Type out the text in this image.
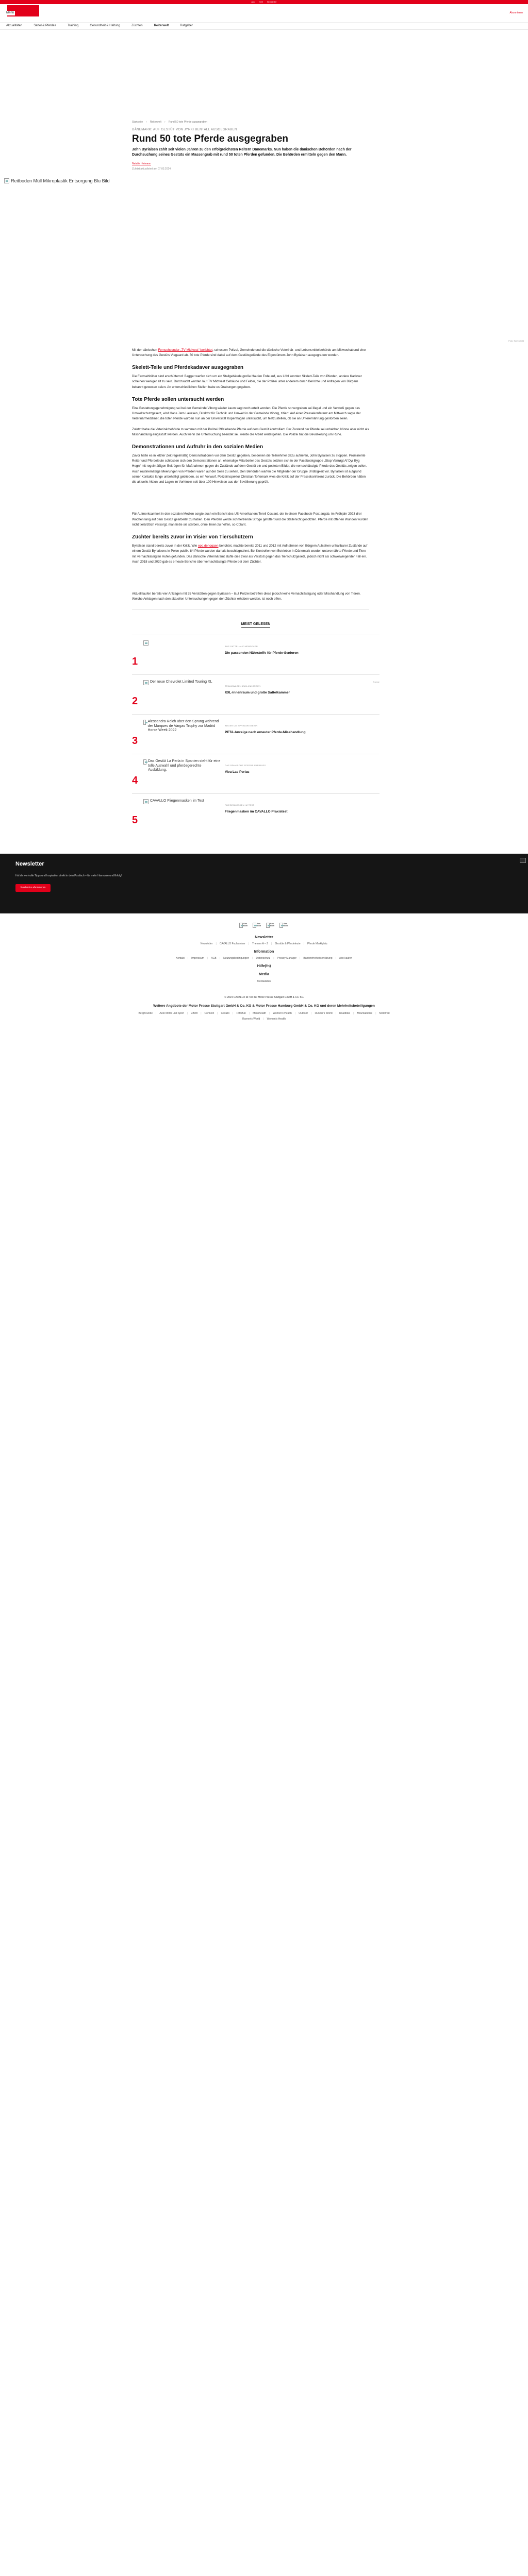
Abo Heft Newsletter
Menü	Abonnieren
Aktualitäten	Sattel & Pferdes	Training	Gesundheit & Haltung	Züchten	Reiterwelt	Ratgeber
Startseite › Reiterwelt › Rund 50 tote Pferde ausgegraben
DÄNEMARK: AUF GESTÜT VON JYRKI BENTALL AUSGEGRABEN
Rund 50 tote Pferde ausgegraben

John Byrialsen zählt seit vielen Jahren zu den erfolgreichsten Reitern Dänemarks. Nun haben die dänischen Behörden nach der Durchsuchung seines Gestüts ein Massengrab mit rund 50 toten Pferden gefunden. Die Behörden ermitteln gegen den Mann.

Natalie Heimann
Zuletzt aktualisiert am 07.03.2024
Reitboden Müll Mikroplastik Entsorgung Blu Bild
Foto: Symbolbild

Mit der dänischen Fernsehsender „TV Midtvest“ berichtet, schossen Polizei, Gemeinde und die dänische Veterinär- und Lebensmittelbehörde am Mittwochabend eine Untersuchung des Gestüts Viegaard ab. 50 tote Pferde sind dabei auf dem Gestütsgelände des Eigentümers John Byrialsen ausgegraben worden.

Skelett-Teile und Pferdekadaver ausgegraben

Die Fernsehbilder sind erschütternd: Bagger werfen sich um ein Stallgebäude große Haufen Erde auf, aus Löhl konnten Skelett-Teile von Pferden, andere Kadaver scheinen weniger alt zu sein. Durchsucht wurden laut TV Midtvest Gebäude und Felder, die der Polizei unter anderem durch Berichte und Anfragen von Bürgern bekannt gewesen seien. An unterschiedlichen Stellen habe es Grabungen gegeben.

Tote Pferde sollen untersucht werden

Eine Bestattungsgenehmigung sei bei der Gemeinde Viborg wieder kaum sagt noch erteilt worden. Die Pferde so vergraben sei illegal und ein Verstoß gegen das Umweltschutzgesetz, wird Hans Jørn Lauesen, Direktor für Technik und Umwelt in der Gemeinde Viborg, zitiert. Auf einer Pressekonferenz am Mittwoch sagte der Veterinärmediziner, die toten Pferde würden nun an der Universität Kopenhagen untersucht, um festzustellen, ob sie an Unterernährung gestorben seien.

Zuletzt habe die Veterinärbehörde zusammen mit der Polizei 390 lebende Pferde auf dem Gestüt kontrolliert. Der Zustand der Pferde sei unhaltbar, könne aber nicht als Misshandlung eingestuft werden. Auch wenn die Untersuchung beendet sei, werde die Arbeit weitergehen. Die Polizei hat die Bevölkerung um Ruhe.

Demonstrationen und Aufruhr in den sozialen Medien

Zuvor hatte es in letzter Zeit regelmäßig Demonstrationen vor dem Gestüt gegeben, bei denen die Teilnehmer dazu aufriefen, John Byrialsen zu stoppen. Prominente Reiter und Pferdeleute schlossen sich den Demonstrationen an, ehemalige Mitarbeiter des Gestüts setzten sich in der Facebookgruppe „Stop Vanrøgt Af Dyr Byg Hegn“ mit regelmäßigen Beiträgen für Maßnahmen gegen die Zustände auf dem Gestüt ein und posteten Bilder, die vernachlässigte Pferde des Gestüts zeigen sollen. Auch routinemäßige Meerungen von Pferden waren auf der Seite zu sehen. Den Behörden warfen die Mitglieder der Gruppe Untätigkeit vor. Byrialsen ist aufgrund seiner Kontakte lange unbehelligt geblieben, so ein Vorwurf. Polizeiinspektor Christian Toftemark wies die Kritik auf der Pressekonferenz zurück. Die Behörden hätten die aktuelle Aktion und Lagen im Vorhinein seit über 100 Hinweisen aus der Bevölkerung geprüft.

Für Aufmerksamkeit in den sozialen Medien sorgte auch ein Bericht des US-Amerikaners Terell Cosiant, der in einem Facebook-Post angab, im Frühjahr 2023 drei Wochen lang auf dem Gestüt gearbeitet zu haben. Den Pferden werde schmerzende Stroge gefüttert und die Stallenicht gesotzten. Pferde mit offenen Wunden würden nicht tierärztlich versorgt, man ließe sie sterben, ohne ihnen zu helfen, so Colant.

Züchter bereits zuvor im Visier von Tierschützern

Byrialsen stand bereits zuvor in der Kritik. Wie epo.denoggen berichtet, machte bereits 2011 und 2012 mit Aufnahmen von Bürgern Aufsehen unhaltbarer Zustände auf einem Gestüt Byrialsens in Polen publik. 84 Pferde wurden damals beschlagnahmt. Bei Kontrollen von Betrieben in Dänemark wurden unterernährte Pferde und Tiere mit vernachlässigten Hufen gefunden. Das dänische Veterinäramt stufte dies zwar als Verstoß gegen das Tierschutzgesetz, jedoch nicht als schwerwiegender Fall ein. Auch 2018 und 2020 gab es erneute Berichte über vernachlässigte Pferde bei dem Züchter.

Aktuell laufen bereits vier Anklagen mit 35 Verstößen gegen Byrialsen – laut Polizei betreffen diese jedoch keine Vernachlässigung oder Misshandlung von Tieren. Welche Anklagen nach den aktuellen Untersuchungen gegen den Züchter erhoben werden, ist noch offen.

MEIST GELESEN
1
AUS SATTEL AUF MENSCHEN
Die passenden Nährstoffe für Pferde-Senioren
2
Der neue Chevrolet Limited Touring XL
TRAUMWAGEN ZUM ANHÄNGEN
XXL-Innenraum und große Sattelkammer
Anzeige
3
Alessandra Reich über den Sprung während der Marques de Vargas Trophy zur Madrid Horse Week 2022
ÄRGER UM SPRINGREITERIN
PETA-Anzeige nach erneuter Pferde-Misshandlung
4
Das Gestüt La Perla in Spanien steht für eine tolle Auswahl und pferdegerechte Ausbildung.
DAS SPANISCHE PFERDE-PARADIES
Viva Las Perlas
5
CAVALLO Fliegenmasken im Test
FLIEGENMASKEN IM TEST
Fliegenmasken im CAVALLO Praxistest
Newsletter

Hol dir wertvolle Tipps und Inspiration direkt in dein Postfach – für mehr Harmonie und Erfolg!

Kostenlos abonnieren
Soc Icon
Soc Icon
Soc Icon
Soc Icon
Newsletter
Newsletter	| CAVALLO Fuchsteiner	| Themen A – Z	| Gestüte & Pferdeleute	| Pferde Marktplatz
Information
Kontakt	| Impressum	| AGB	| Nutzungsbedingungen	| Datenschutz	| Privacy Manager	| Barrierefreiheitserklärung	| Abo kaufen
Hilfe(fn)
Media
Mediadaten
© 2024 CAVALLO ist Teil der Motor Presse Stuttgart GmbH & Co. KG
Weitere Angebote der Motor Presse Stuttgart GmbH & Co. KG & Motor Presse Hamburg GmbH & Co. KG und deren Mehrheitsbeteiligungen
Bergfreunde	| Auto Motor und Sport	| Elfer8	| Connect	| Cavallo	| Fitforfun	| Menshealth	| Women's Health	| Outdoor	| Runner's World	| Roadbike	| Mountainbike	| Motorrad
Runner's World	| Women's Health
